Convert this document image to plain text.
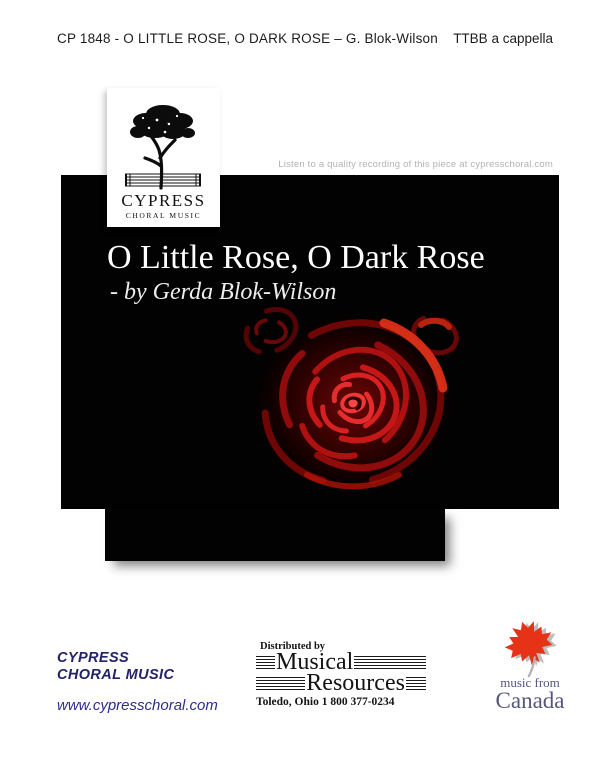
CP 1848 - O LITTLE ROSE, O DARK ROSE – G. Blok-Wilson TTBB a cappella
CYPRESS
CHORAL MUSIC
Listen to a quality recording of this piece at cypresschoral.com
O Little Rose, O Dark Rose
- by Gerda Blok-Wilson
CYPRESS
CHORAL MUSIC
www.cypresschoral.com
Distributed by
Musical
Resources
Toledo, Ohio 1 800 377-0234
music from
Canada
